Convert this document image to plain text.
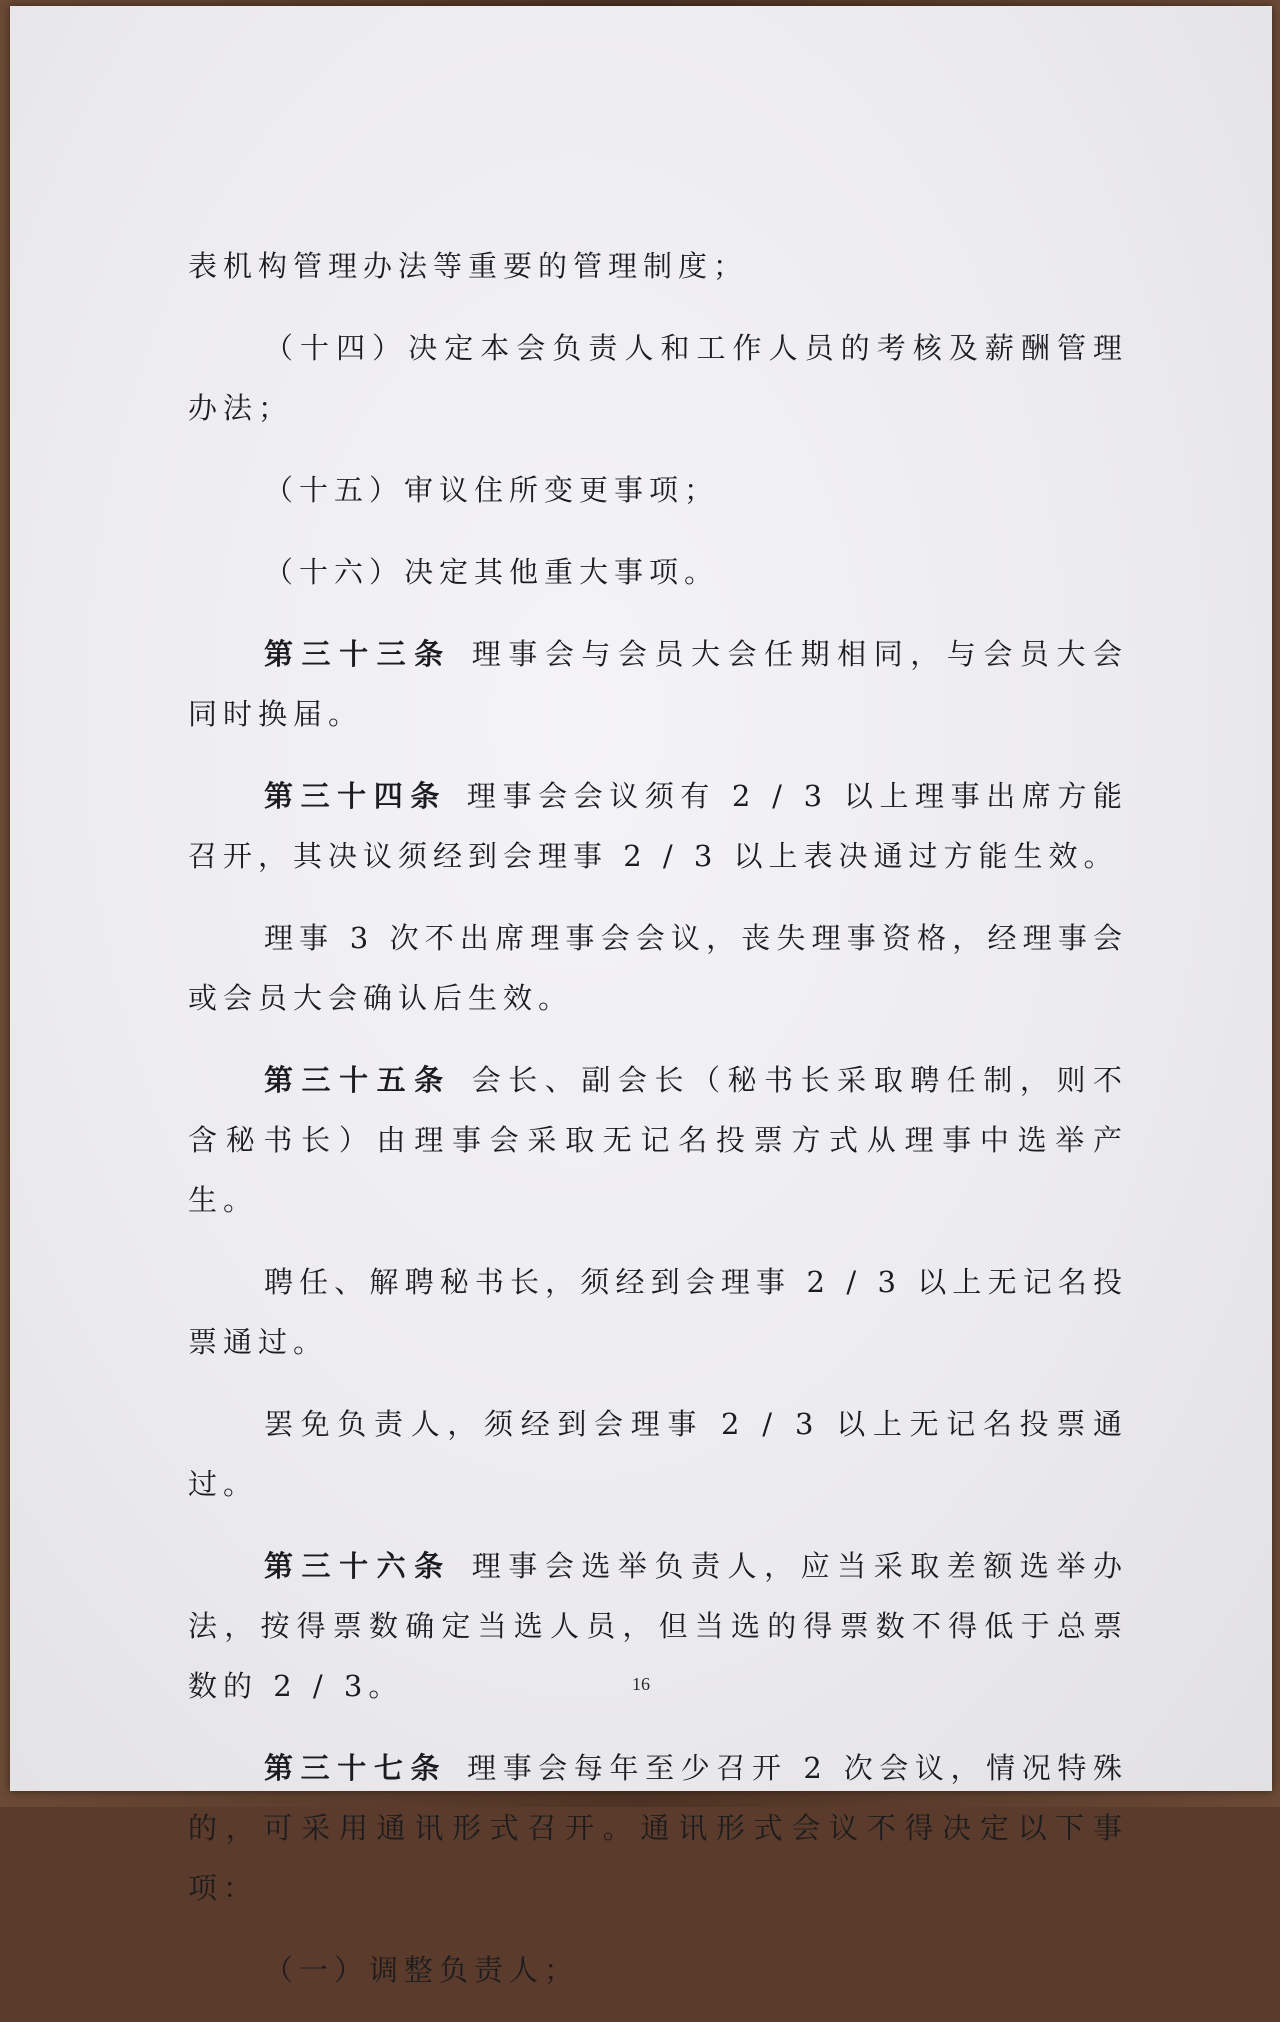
表机构管理办法等重要的管理制度；

（十四）决定本会负责人和工作人员的考核及薪酬管理办法；

（十五）审议住所变更事项；

（十六）决定其他重大事项。

第三十三条 理事会与会员大会任期相同，与会员大会同时换届。

第三十四条 理事会会议须有 2 / 3 以上理事出席方能召开，其决议须经到会理事 2 / 3 以上表决通过方能生效。

理事 3 次不出席理事会会议，丧失理事资格，经理事会或会员大会确认后生效。

第三十五条 会长、副会长（秘书长采取聘任制，则不含秘书长）由理事会采取无记名投票方式从理事中选举产生。

聘任、解聘秘书长，须经到会理事 2 / 3 以上无记名投票通过。

罢免负责人，须经到会理事 2 / 3 以上无记名投票通过。

第三十六条 理事会选举负责人，应当采取差额选举办法，按得票数确定当选人员，但当选的得票数不得低于总票数的 2 / 3。

第三十七条 理事会每年至少召开 2 次会议，情况特殊的，可采用通讯形式召开。通讯形式会议不得决定以下事项：

（一）调整负责人；

16
